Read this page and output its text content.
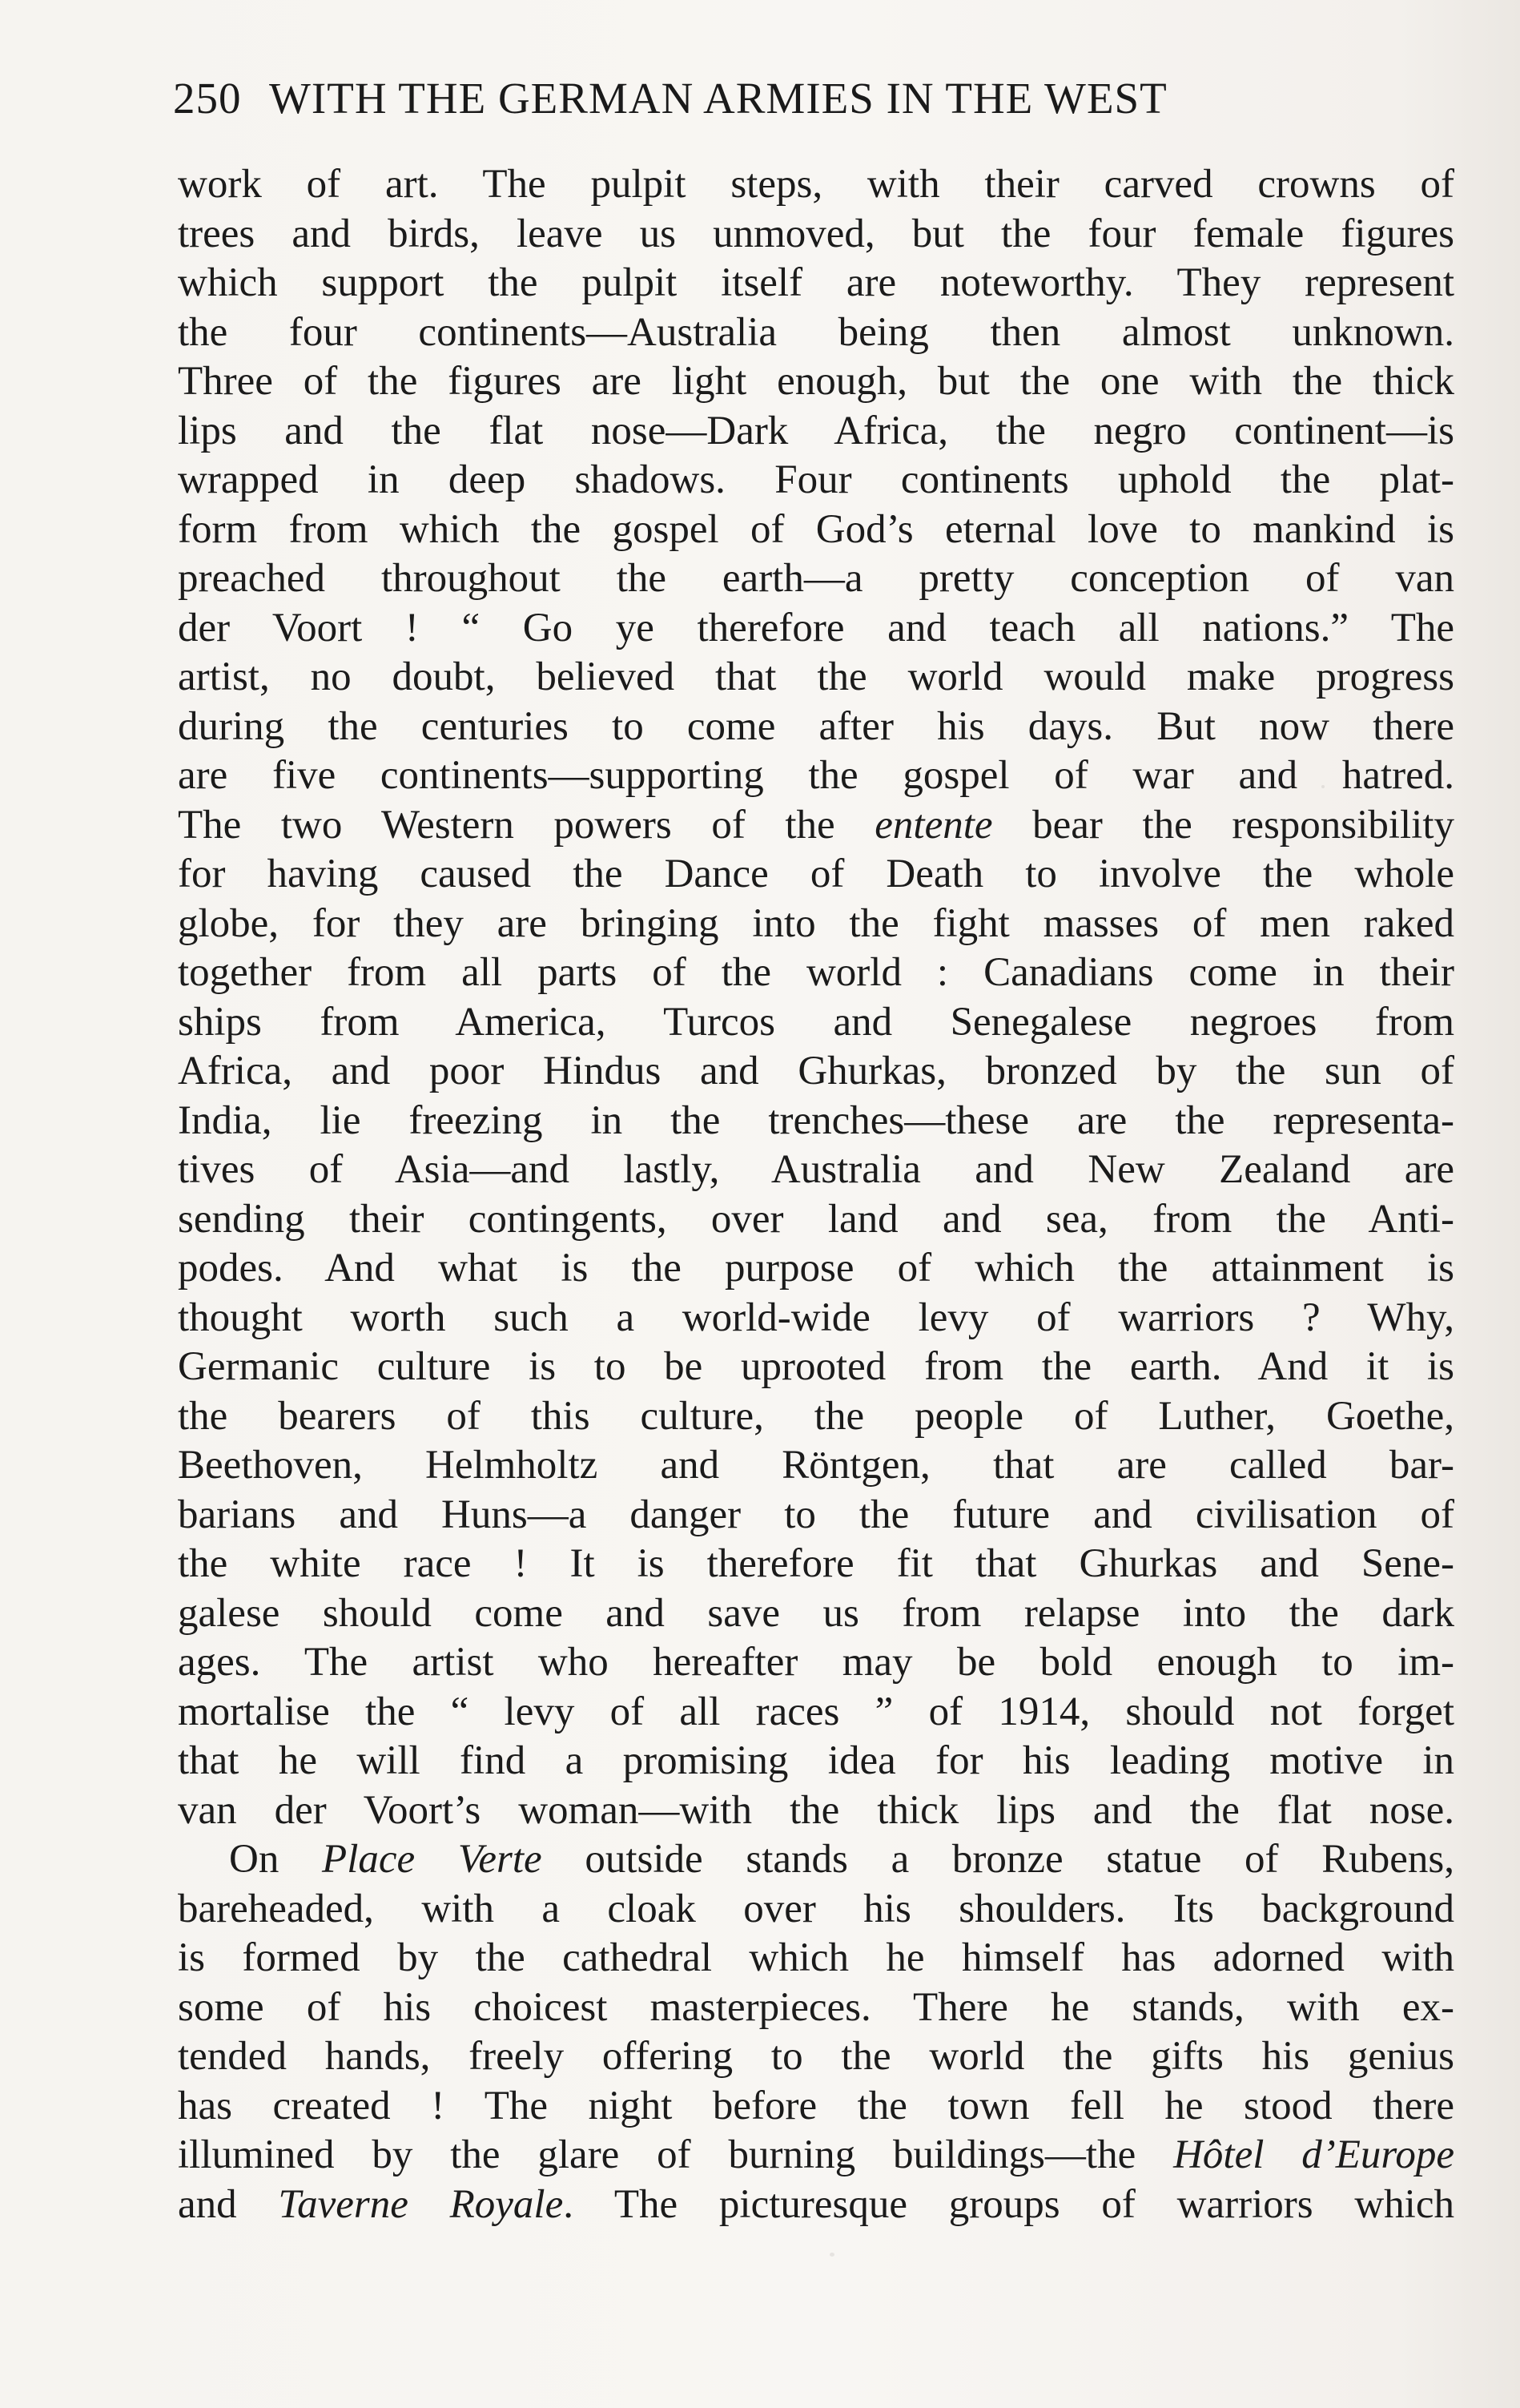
250 WITH THE GERMAN ARMIES IN THE WEST
work of art. The pulpit steps, with their carved crowns of
trees and birds, leave us unmoved, but the four female figures
which support the pulpit itself are noteworthy. They represent
the four continents—Australia being then almost unknown.
Three of the figures are light enough, but the one with the thick
lips and the flat nose—Dark Africa, the negro continent—is
wrapped in deep shadows. Four continents uphold the plat-
form from which the gospel of God’s eternal love to mankind is
preached throughout the earth—a pretty conception of van
der Voort ! “ Go ye therefore and teach all nations.” The
artist, no doubt, believed that the world would make progress
during the centuries to come after his days. But now there
are five continents—supporting the gospel of war and hatred.
The two Western powers of the entente bear the responsibility
for having caused the Dance of Death to involve the whole
globe, for they are bringing into the fight masses of men raked
together from all parts of the world : Canadians come in their
ships from America, Turcos and Senegalese negroes from
Africa, and poor Hindus and Ghurkas, bronzed by the sun of
India, lie freezing in the trenches—these are the representa-
tives of Asia—and lastly, Australia and New Zealand are
sending their contingents, over land and sea, from the Anti-
podes. And what is the purpose of which the attainment is
thought worth such a world-wide levy of warriors ? Why,
Germanic culture is to be uprooted from the earth. And it is
the bearers of this culture, the people of Luther, Goethe,
Beethoven, Helmholtz and Röntgen, that are called bar-
barians and Huns—a danger to the future and civilisation of
the white race ! It is therefore fit that Ghurkas and Sene-
galese should come and save us from relapse into the dark
ages. The artist who hereafter may be bold enough to im-
mortalise the “ levy of all races ” of 1914, should not forget
that he will find a promising idea for his leading motive in
van der Voort’s woman—with the thick lips and the flat nose.
On Place Verte outside stands a bronze statue of Rubens,
bareheaded, with a cloak over his shoulders. Its background
is formed by the cathedral which he himself has adorned with
some of his choicest masterpieces. There he stands, with ex-
tended hands, freely offering to the world the gifts his genius
has created ! The night before the town fell he stood there
illumined by the glare of burning buildings—the Hôtel d’Europe
and Taverne Royale. The picturesque groups of warriors which
